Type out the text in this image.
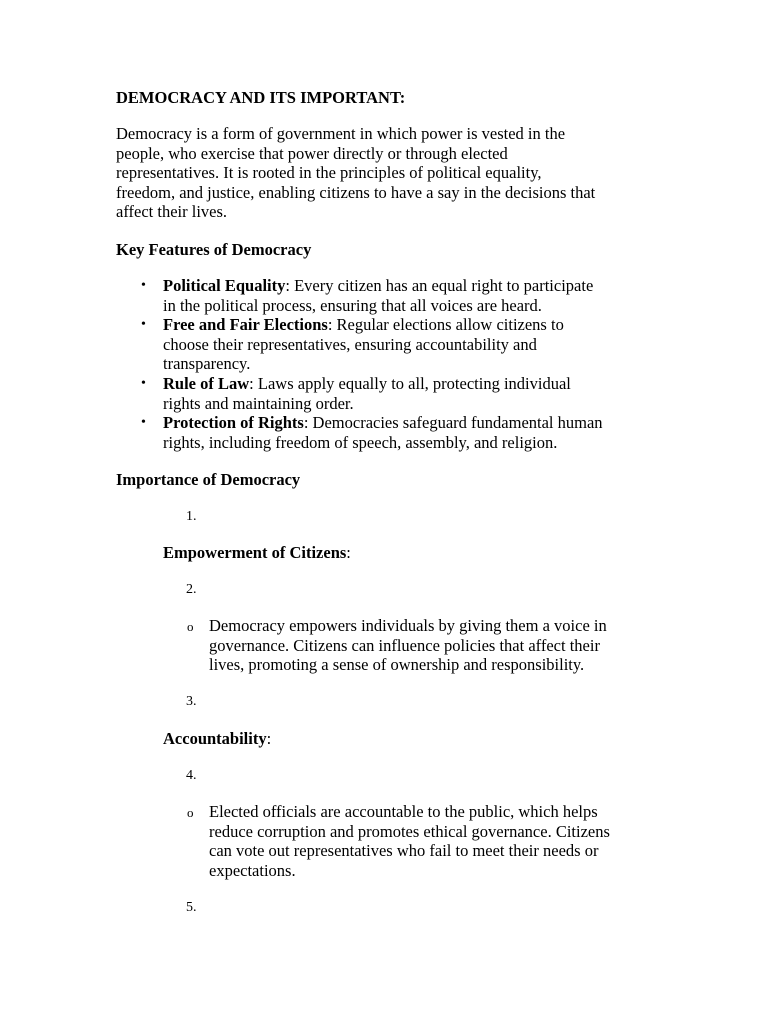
DEMOCRACY AND ITS IMPORTANT:
Democracy is a form of government in which power is vested in the
people, who exercise that power directly or through elected
representatives. It is rooted in the principles of political equality,
freedom, and justice, enabling citizens to have a say in the decisions that
affect their lives.
Key Features of Democracy
• Political Equality: Every citizen has an equal right to participate
in the political process, ensuring that all voices are heard.
• Free and Fair Elections: Regular elections allow citizens to
choose their representatives, ensuring accountability and
transparency.
• Rule of Law: Laws apply equally to all, protecting individual
rights and maintaining order.
• Protection of Rights: Democracies safeguard fundamental human
rights, including freedom of speech, assembly, and religion.
Importance of Democracy
1.
Empowerment of Citizens:
2.
o Democracy empowers individuals by giving them a voice in
governance. Citizens can influence policies that affect their
lives, promoting a sense of ownership and responsibility.
3.
Accountability:
4.
o Elected officials are accountable to the public, which helps
reduce corruption and promotes ethical governance. Citizens
can vote out representatives who fail to meet their needs or
expectations.
5.
